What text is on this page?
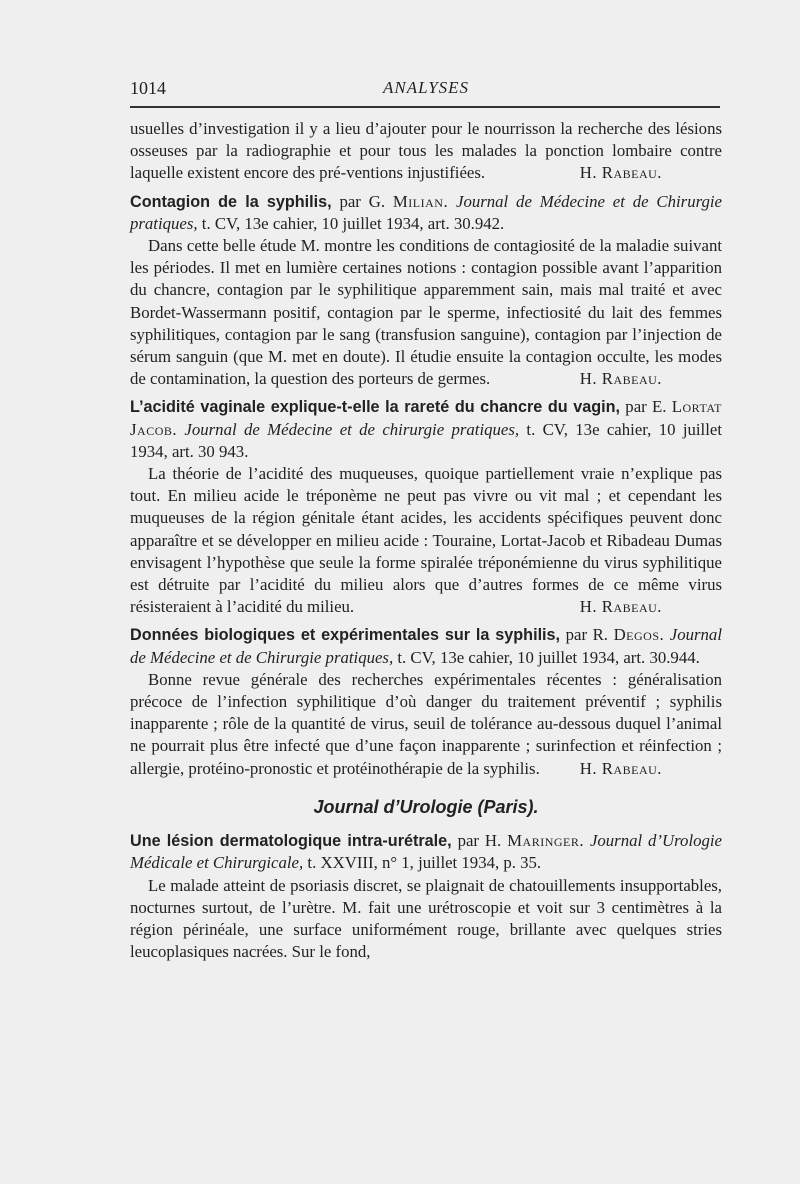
1014	ANALYSES

usuelles d’investigation il y a lieu d’ajouter pour le nourrisson la recherche des lésions osseuses par la radiographie et pour tous les malades la ponction lombaire contre laquelle existent encore des pré-ventions injustifiées.	H. Rabeau.

Contagion de la syphilis, par G. Milian. Journal de Médecine et de Chirurgie pratiques, t. CV, 13e cahier, 10 juillet 1934, art. 30.942.

Dans cette belle étude M. montre les conditions de contagiosité de la maladie suivant les périodes. Il met en lumière certaines notions : contagion possible avant l’apparition du chancre, contagion par le syphilitique apparemment sain, mais mal traité et avec Bordet-Wassermann positif, contagion par le sperme, infectiosité du lait des femmes syphilitiques, contagion par le sang (transfusion sanguine), contagion par l’injection de sérum sanguin (que M. met en doute). Il étudie ensuite la contagion occulte, les modes de contamination, la question des porteurs de germes.	H. Rabeau.

L’acidité vaginale explique-t-elle la rareté du chancre du vagin, par E. Lortat Jacob. Journal de Médecine et de chirurgie pratiques, t. CV, 13e cahier, 10 juillet 1934, art. 30 943.

La théorie de l’acidité des muqueuses, quoique partiellement vraie n’explique pas tout. En milieu acide le tréponème ne peut pas vivre ou vit mal ; et cependant les muqueuses de la région génitale étant acides, les accidents spécifiques peuvent donc apparaître et se développer en milieu acide : Touraine, Lortat-Jacob et Ribadeau Dumas envisagent l’hypothèse que seule la forme spiralée tréponémienne du virus syphilitique est détruite par l’acidité du milieu alors que d’autres formes de ce même virus résisteraient à l’acidité du milieu.	H. Rabeau.

Données biologiques et expérimentales sur la syphilis, par R. Degos. Journal de Médecine et de Chirurgie pratiques, t. CV, 13e cahier, 10 juillet 1934, art. 30.944.

Bonne revue générale des recherches expérimentales récentes : généralisation précoce de l’infection syphilitique d’où danger du traitement préventif ; syphilis inapparente ; rôle de la quantité de virus, seuil de tolérance au-dessous duquel l’animal ne pourrait plus être infecté que d’une façon inapparente ; surinfection et réinfection ; allergie, protéino-pronostic et protéinothérapie de la syphilis.	H. Rabeau.

Journal d’Urologie (Paris).

Une lésion dermatologique intra-urétrale, par H. Maringer. Journal d’Urologie Médicale et Chirurgicale, t. XXVIII, n° 1, juillet 1934, p. 35.

Le malade atteint de psoriasis discret, se plaignait de chatouillements insupportables, nocturnes surtout, de l’urètre. M. fait une urétroscopie et voit sur 3 centimètres à la région périnéale, une surface uniformément rouge, brillante avec quelques stries leucoplasiques nacrées. Sur le fond,
